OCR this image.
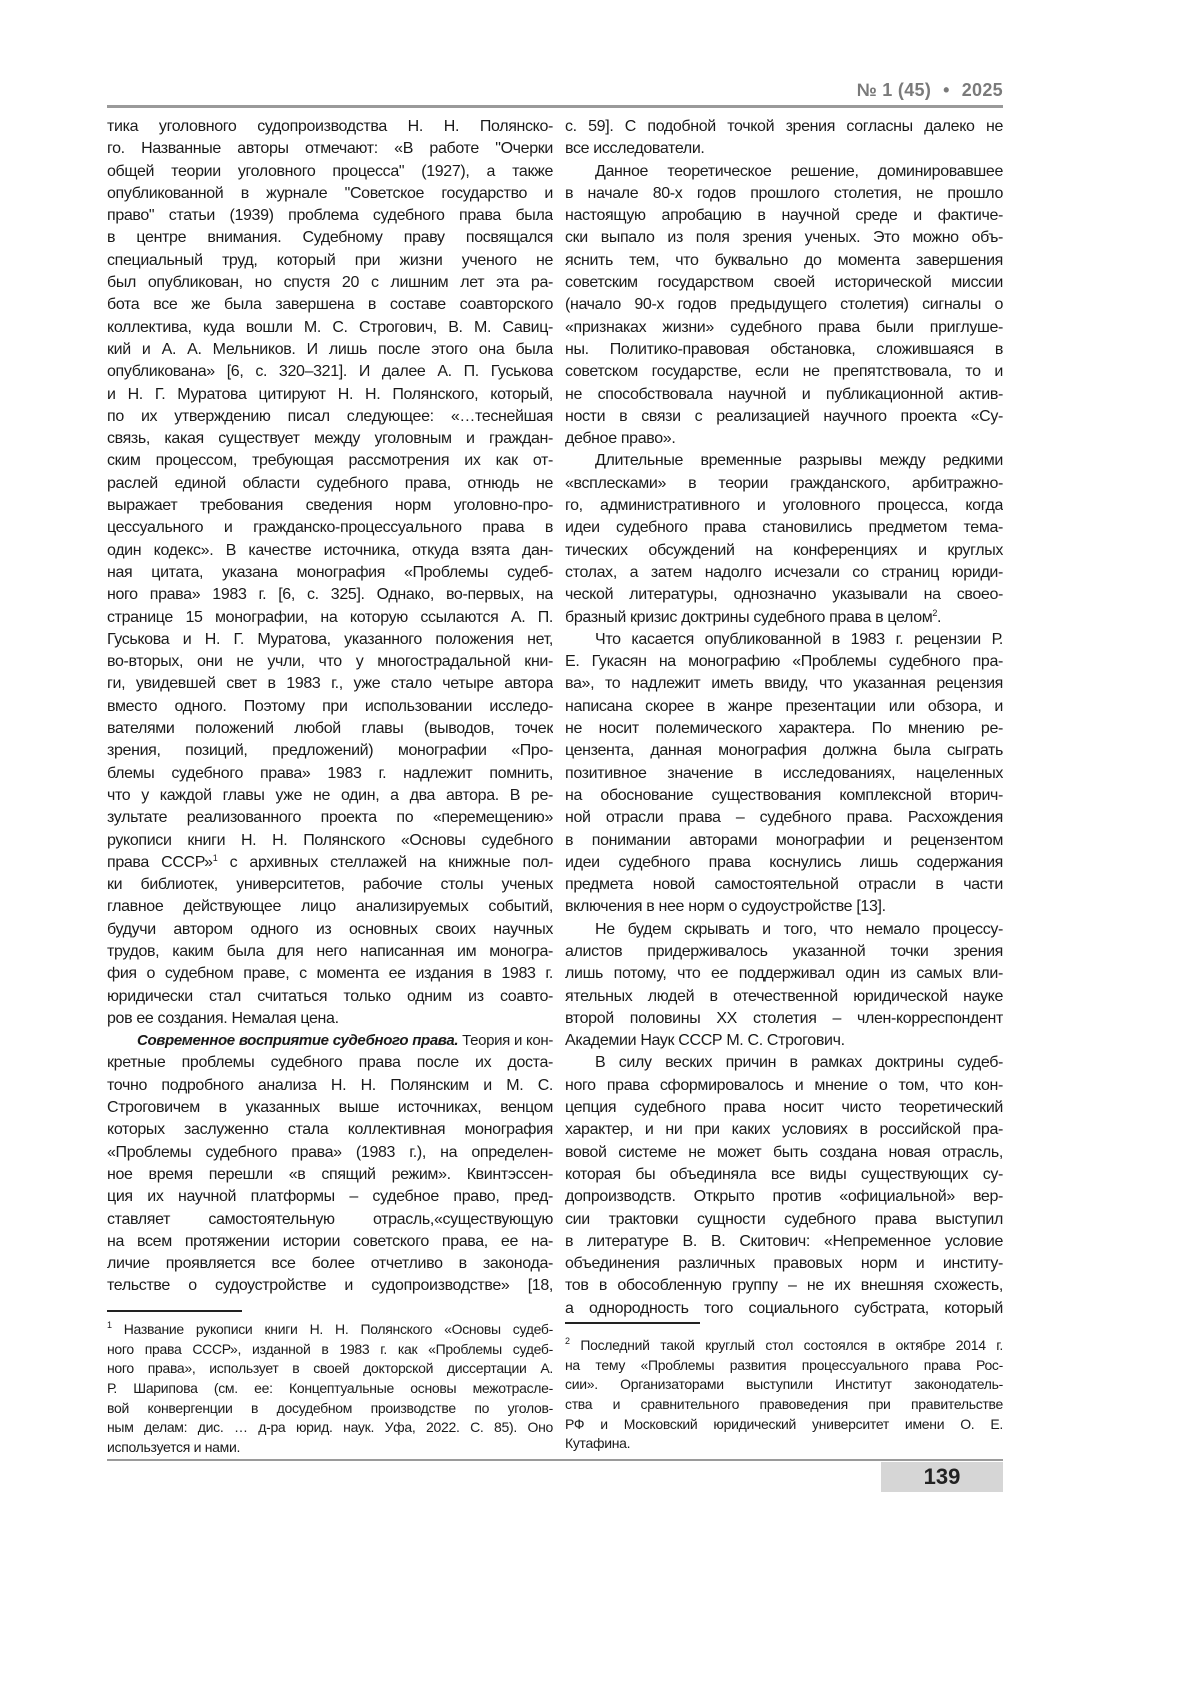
№ 1 (45) • 2025
тика уголовного судопроизводства Н. Н. Полянско-
го. Названные авторы отмечают: «В работе "Очерки
общей теории уголовного процесса" (1927), а также
опубликованной в журнале "Советское государство и
право" статьи (1939) проблема судебного права была
в центре внимания. Судебному праву посвящался
специальный труд, который при жизни ученого не
был опубликован, но спустя 20 с лишним лет эта ра-
бота все же была завершена в составе соавторского
коллектива, куда вошли М. С. Строгович, В. М. Савиц-
кий и А. А. Мельников. И лишь после этого она была
опубликована» [6, с. 320–321]. И далее А. П. Гуськова
и Н. Г. Муратова цитируют Н. Н. Полянского, который,
по их утверждению писал следующее: «…теснейшая
связь, какая существует между уголовным и граждан-
ским процессом, требующая рассмотрения их как от-
раслей единой области судебного права, отнюдь не
выражает требования сведения норм уголовно-про-
цессуального и гражданско-процессуального права в
один кодекс». В качестве источника, откуда взята дан-
ная цитата, указана монография «Проблемы судеб-
ного права» 1983 г. [6, с. 325]. Однако, во-первых, на
странице 15 монографии, на которую ссылаются А. П.
Гуськова и Н. Г. Муратова, указанного положения нет,
во-вторых, они не учли, что у многострадальной кни-
ги, увидевшей свет в 1983 г., уже стало четыре автора
вместо одного. Поэтому при использовании исследо-
вателями положений любой главы (выводов, точек
зрения, позиций, предложений) монографии «Про-
блемы судебного права» 1983 г. надлежит помнить,
что у каждой главы уже не один, а два автора. В ре-
зультате реализованного проекта по «перемещению»
рукописи книги Н. Н. Полянского «Основы судебного
права СССР»1 с архивных стеллажей на книжные пол-
ки библиотек, университетов, рабочие столы ученых
главное действующее лицо анализируемых событий,
будучи автором одного из основных своих научных
трудов, каким была для него написанная им моногра-
фия о судебном праве, с момента ее издания в 1983 г.
юридически стал считаться только одним из соавто-
ров ее создания. Немалая цена.
Современное восприятие судебного права. Теория и кон-
кретные проблемы судебного права после их доста-
точно подробного анализа Н. Н. Полянским и М. С.
Строговичем в указанных выше источниках, венцом
которых заслуженно стала коллективная монография
«Проблемы судебного права» (1983 г.), на определен-
ное время перешли «в спящий режим». Квинтэссен-
ция их научной платформы – судебное право, пред-
ставляет самостоятельную отрасль,«существующую
на всем протяжении истории советского права, ее на-
личие проявляется все более отчетливо в законода-
тельстве о судоустройстве и судопроизводстве» [18,
с. 59]. С подобной точкой зрения согласны далеко не
все исследователи.
Данное теоретическое решение, доминировавшее
в начале 80-х годов прошлого столетия, не прошло
настоящую апробацию в научной среде и фактиче-
ски выпало из поля зрения ученых. Это можно объ-
яснить тем, что буквально до момента завершения
советским государством своей исторической миссии
(начало 90-х годов предыдущего столетия) сигналы о
«признаках жизни» судебного права были приглуше-
ны. Политико-правовая обстановка, сложившаяся в
советском государстве, если не препятствовала, то и
не способствовала научной и публикационной актив-
ности в связи с реализацией научного проекта «Су-
дебное право».
Длительные временные разрывы между редкими
«всплесками» в теории гражданского, арбитражно-
го, административного и уголовного процесса, когда
идеи судебного права становились предметом тема-
тических обсуждений на конференциях и круглых
столах, а затем надолго исчезали со страниц юриди-
ческой литературы, однозначно указывали на своео-
бразный кризис доктрины судебного права в целом2.
Что касается опубликованной в 1983 г. рецензии Р.
Е. Гукасян на монографию «Проблемы судебного пра-
ва», то надлежит иметь ввиду, что указанная рецензия
написана скорее в жанре презентации или обзора, и
не носит полемического характера. По мнению ре-
цензента, данная монография должна была сыграть
позитивное значение в исследованиях, нацеленных
на обоснование существования комплексной вторич-
ной отрасли права – судебного права. Расхождения
в понимании авторами монографии и рецензентом
идеи судебного права коснулись лишь содержания
предмета новой самостоятельной отрасли в части
включения в нее норм о судоустройстве [13].
Не будем скрывать и того, что немало процессу-
алистов придерживалось указанной точки зрения
лишь потому, что ее поддерживал один из самых вли-
ятельных людей в отечественной юридической науке
второй половины XX столетия – член-корреспондент
Академии Наук СССР М. С. Строгович.
В силу веских причин в рамках доктрины судеб-
ного права сформировалось и мнение о том, что кон-
цепция судебного права носит чисто теоретический
характер, и ни при каких условиях в российской пра-
вовой системе не может быть создана новая отрасль,
которая бы объединяла все виды существующих су-
допроизводств. Открыто против «официальной» вер-
сии трактовки сущности судебного права выступил
в литературе В. В. Скитович: «Непременное условие
объединения различных правовых норм и институ-
тов в обособленную группу – не их внешняя схожесть,
а однородность того социального субстрата, который
1 Название рукописи книги Н. Н. Полянского «Основы судеб-
ного права СССР», изданной в 1983 г. как «Проблемы судеб-
ного права», использует в своей докторской диссертации А.
Р. Шарипова (см. ее: Концептуальные основы межотрасле-
вой конвергенции в досудебном производстве по уголов-
ным делам: дис. … д-ра юрид. наук. Уфа, 2022. С. 85). Оно
используется и нами.
2 Последний такой круглый стол состоялся в октябре 2014 г.
на тему «Проблемы развития процессуального права Рос-
сии». Организаторами выступили Институт законодатель-
ства и сравнительного правоведения при правительстве
РФ и Московский юридический университет имени О. Е.
Кутафина.
139
